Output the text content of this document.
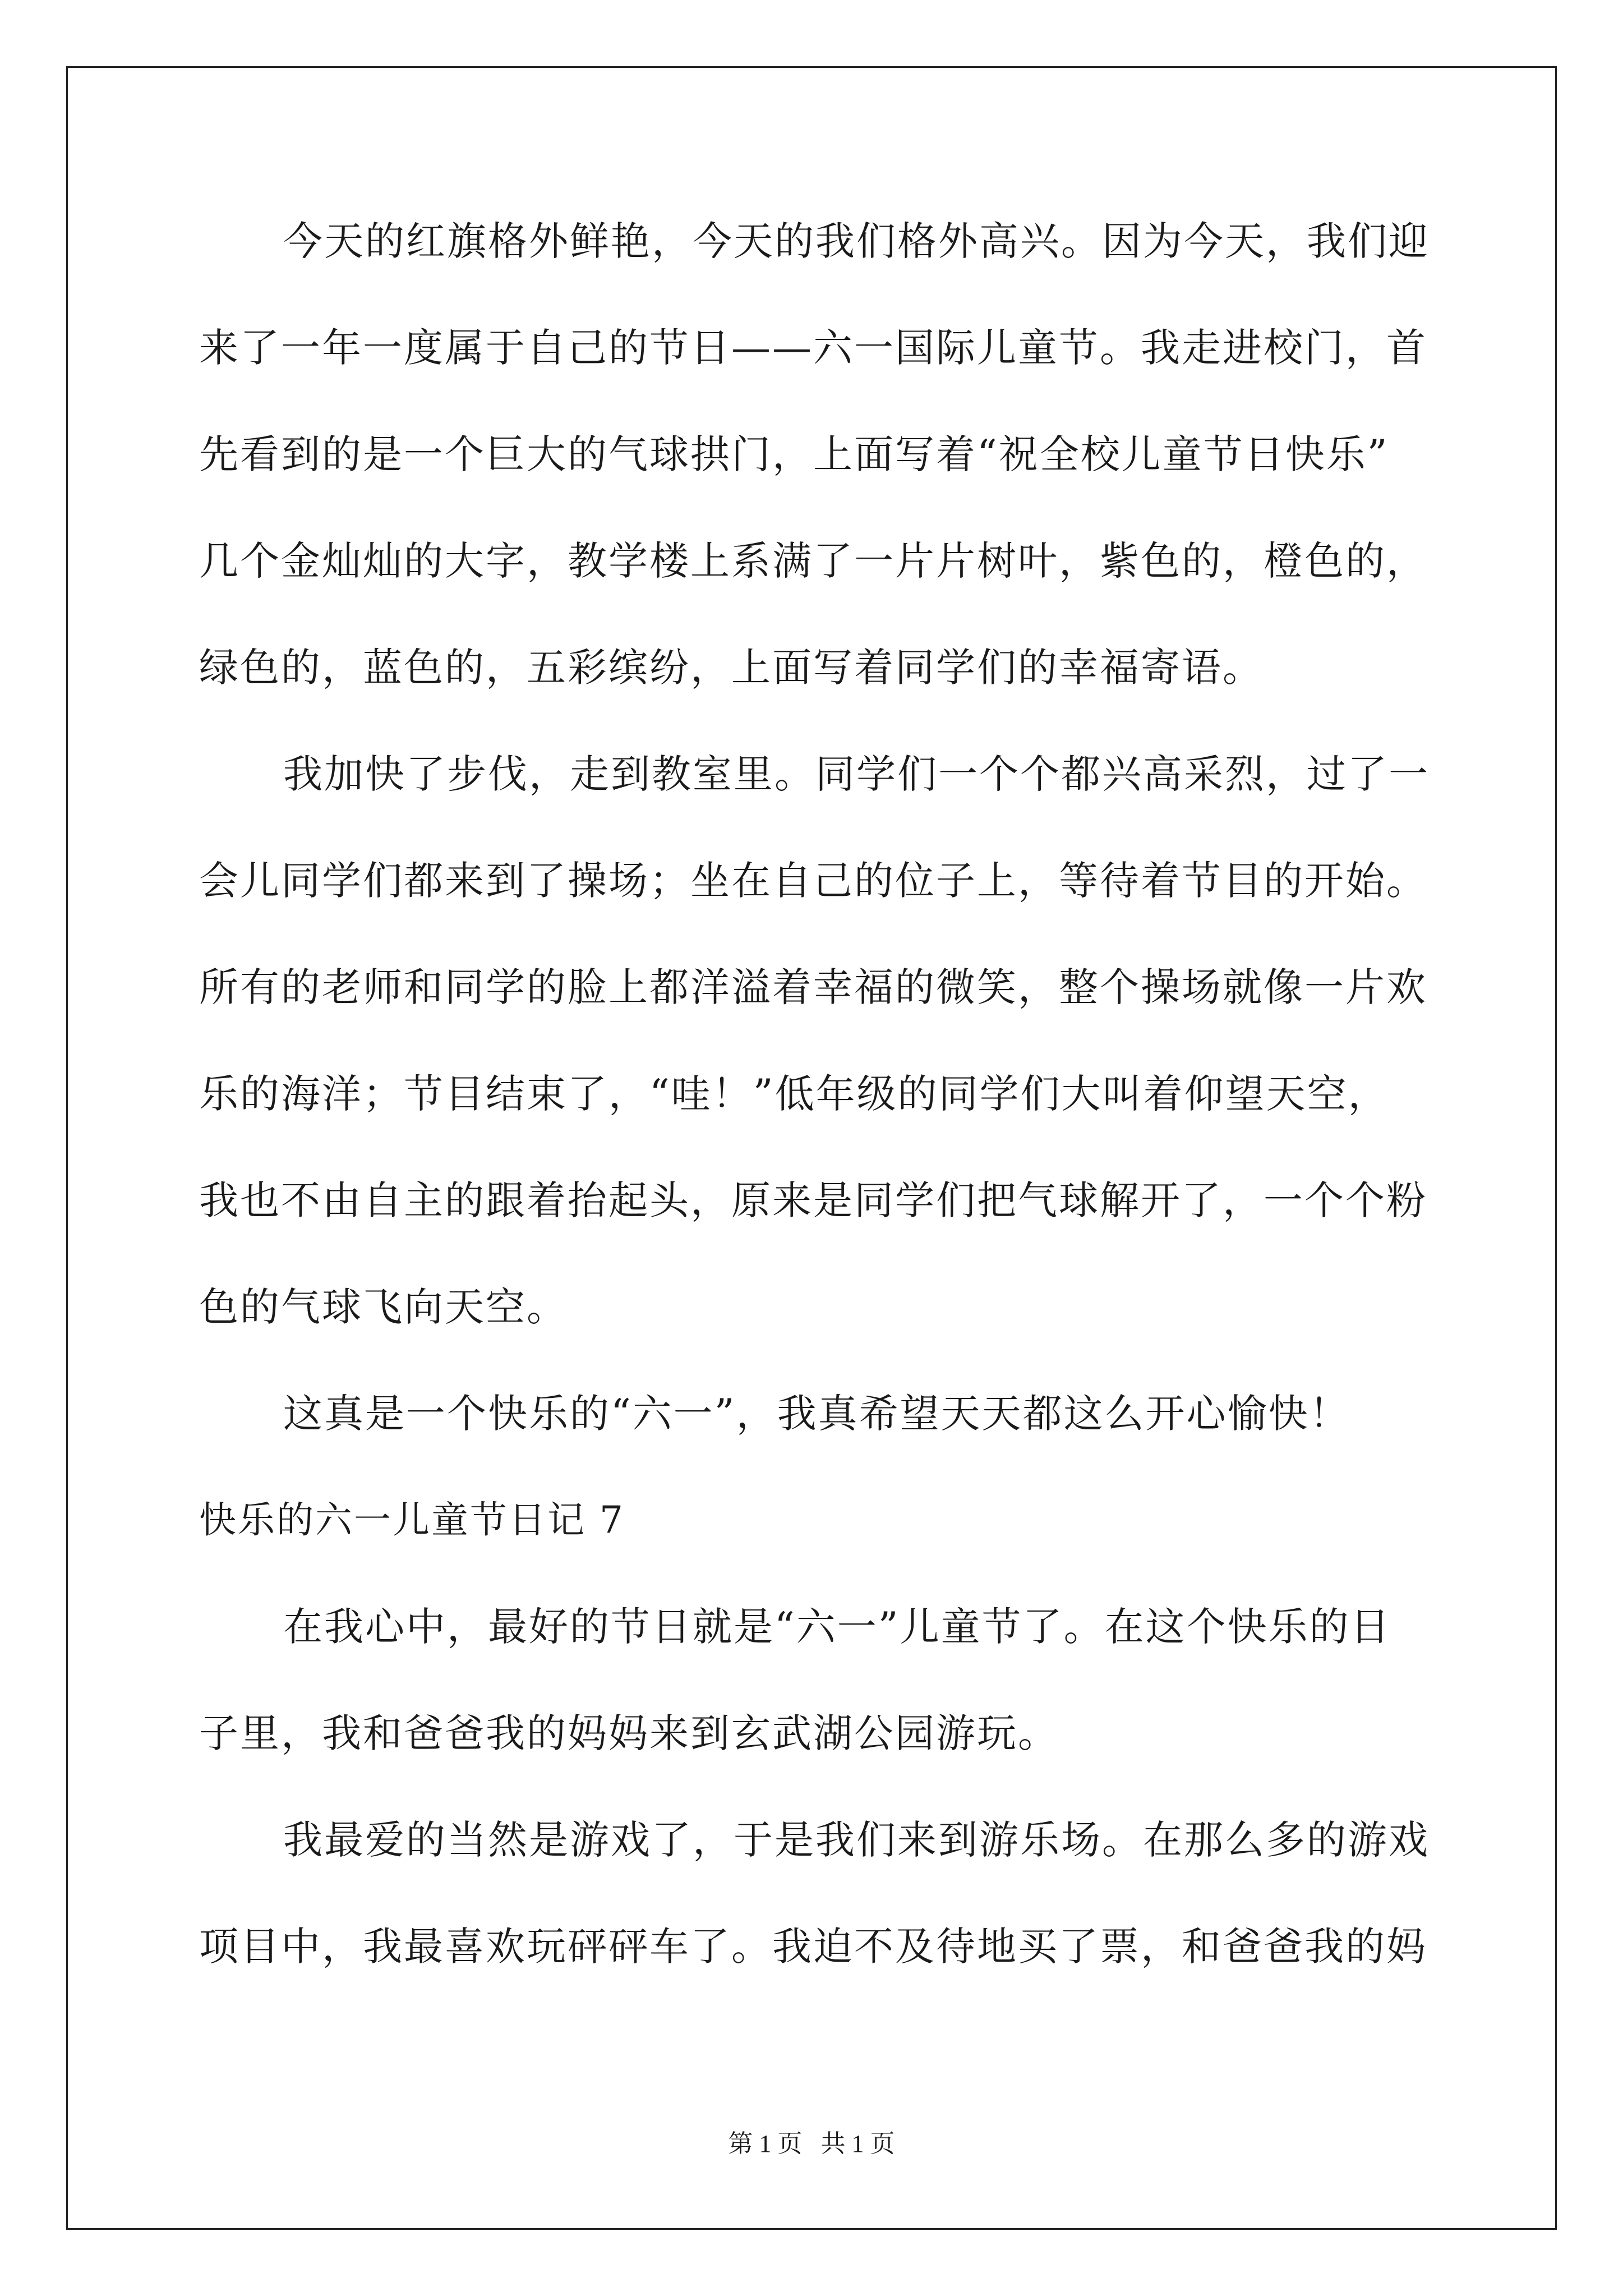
今天的红旗格外鲜艳，今天的我们格外高兴。因为今天，我们迎
来了一年一度属于自己的节日——六一国际儿童节。我走进校门，首
先看到的是一个巨大的气球拱门，上面写着“祝全校儿童节日快乐”
几个金灿灿的大字，教学楼上系满了一片片树叶，紫色的，橙色的，
绿色的，蓝色的，五彩缤纷，上面写着同学们的幸福寄语。
我加快了步伐，走到教室里。同学们一个个都兴高采烈，过了一
会儿同学们都来到了操场；坐在自己的位子上，等待着节目的开始。
所有的老师和同学的脸上都洋溢着幸福的微笑，整个操场就像一片欢
乐的海洋；节目结束了，“哇！”低年级的同学们大叫着仰望天空，
我也不由自主的跟着抬起头，原来是同学们把气球解开了，一个个粉
色的气球飞向天空。
这真是一个快乐的“六一”，我真希望天天都这么开心愉快！
快乐的六一儿童节日记 7
在我心中，最好的节日就是“六一”儿童节了。在这个快乐的日
子里，我和爸爸我的妈妈来到玄武湖公园游玩。
我最爱的当然是游戏了，于是我们来到游乐场。在那么多的游戏
项目中，我最喜欢玩砰砰车了。我迫不及待地买了票，和爸爸我的妈
第 1 页   共 1 页
